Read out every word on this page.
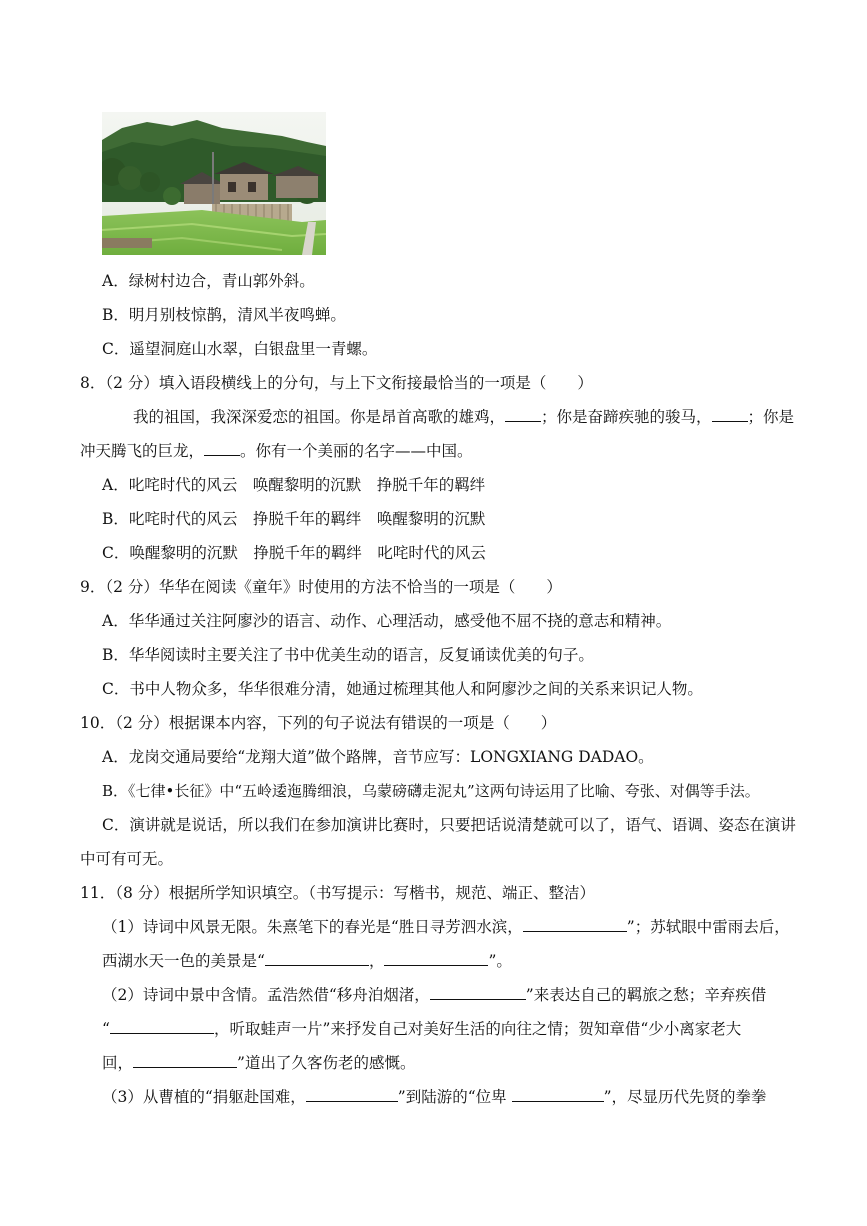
A．绿树村边合，青山郭外斜。
B．明月别枝惊鹊，清风半夜鸣蝉。
C．遥望洞庭山水翠，白银盘里一青螺。
8．（2 分）填入语段横线上的分句，与上下文衔接最恰当的一项是（　　）
我的祖国，我深深爱恋的祖国。你是昂首高歌的雄鸡， ；你是奋蹄疾驰的骏马， ；你是
冲天腾飞的巨龙， 。你有一个美丽的名字——中国。
A．叱咤时代的风云　唤醒黎明的沉默　挣脱千年的羁绊
B．叱咤时代的风云　挣脱千年的羁绊　唤醒黎明的沉默
C．唤醒黎明的沉默　挣脱千年的羁绊　叱咤时代的风云
9．（2 分）华华在阅读《童年》时使用的方法不恰当的一项是（　　）
A．华华通过关注阿廖沙的语言、动作、心理活动，感受他不屈不挠的意志和精神。
B．华华阅读时主要关注了书中优美生动的语言，反复诵读优美的句子。
C．书中人物众多，华华很难分清，她通过梳理其他人和阿廖沙之间的关系来识记人物。
10．（2 分）根据课本内容，下列的句子说法有错误的一项是（　　）
A．龙岗交通局要给“龙翔大道”做个路牌，音节应写：LONGXIANG DADAO。
B．《七律•长征》中“五岭逶迤腾细浪，乌蒙磅礴走泥丸”这两句诗运用了比喻、夸张、对偶等手法。
C．演讲就是说话，所以我们在参加演讲比赛时，只要把话说清楚就可以了，语气、语调、姿态在演讲
中可有可无。
11．（8 分）根据所学知识填空。（书写提示：写楷书，规范、端正、整洁）
（1）诗词中风景无限。朱熹笔下的春光是“胜日寻芳泗水滨，	”；苏轼眼中雷雨去后，
西湖水天一色的美景是“	，	”。
（2）诗词中景中含情。孟浩然借“移舟泊烟渚，	”来表达自己的羁旅之愁；辛弃疾借
“	，听取蛙声一片”来抒发自己对美好生活的向往之情；贺知章借“少小离家老大
回，	”道出了久客伤老的感慨。
（3）从曹植的“捐躯赴国难，	”到陆游的“位卑	”，尽显历代先贤的拳拳
